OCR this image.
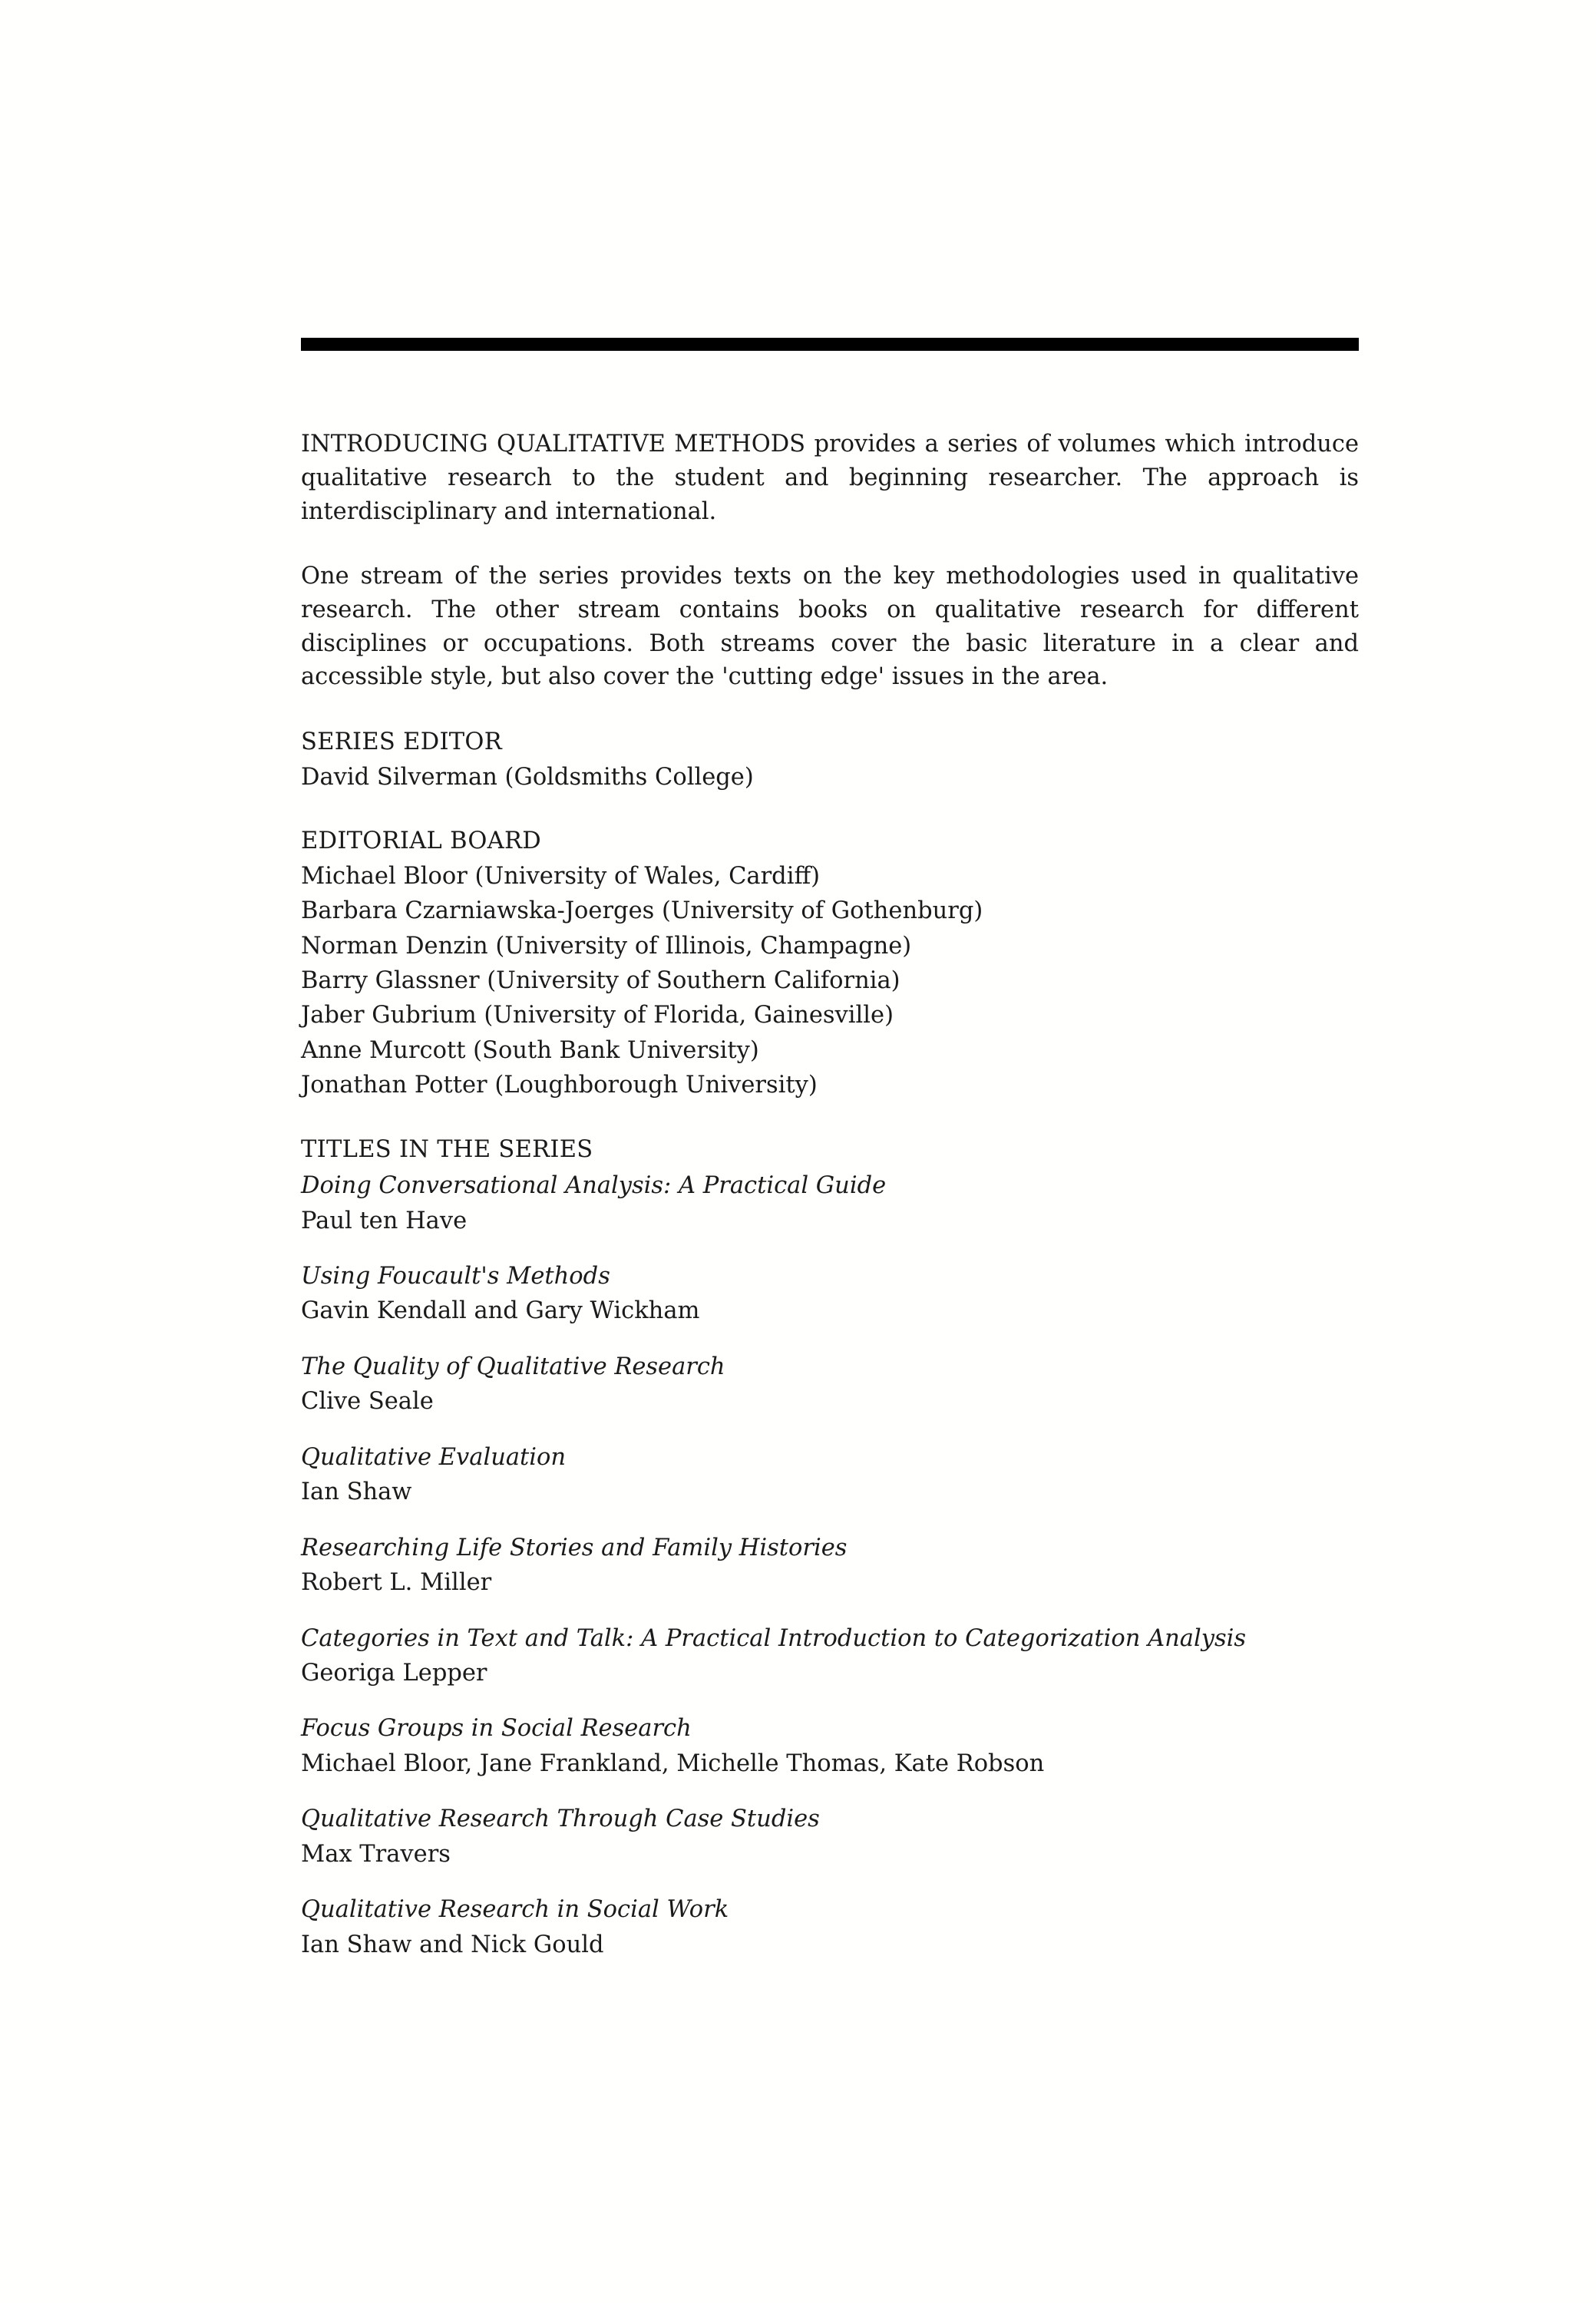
INTRODUCING QUALITATIVE METHODS provides a series of volumes which introduce qualitative research to the student and beginning researcher. The approach is interdisciplinary and international.

One stream of the series provides texts on the key methodologies used in qualitative research. The other stream contains books on qualitative research for different disciplines or occupations. Both streams cover the basic literature in a clear and accessible style, but also cover the 'cutting edge' issues in the area.

SERIES EDITOR
David Silverman (Goldsmiths College)
EDITORIAL BOARD
Michael Bloor (University of Wales, Cardiff)
Barbara Czarniawska-Joerges (University of Gothenburg)
Norman Denzin (University of Illinois, Champagne)
Barry Glassner (University of Southern California)
Jaber Gubrium (University of Florida, Gainesville)
Anne Murcott (South Bank University)
Jonathan Potter (Loughborough University)
TITLES IN THE SERIES
Doing Conversational Analysis: A Practical Guide
Paul ten Have
Using Foucault's Methods
Gavin Kendall and Gary Wickham
The Quality of Qualitative Research
Clive Seale
Qualitative Evaluation
Ian Shaw
Researching Life Stories and Family Histories
Robert L. Miller
Categories in Text and Talk: A Practical Introduction to Categorization Analysis
Georiga Lepper
Focus Groups in Social Research
Michael Bloor, Jane Frankland, Michelle Thomas, Kate Robson
Qualitative Research Through Case Studies
Max Travers
Qualitative Research in Social Work
Ian Shaw and Nick Gould
